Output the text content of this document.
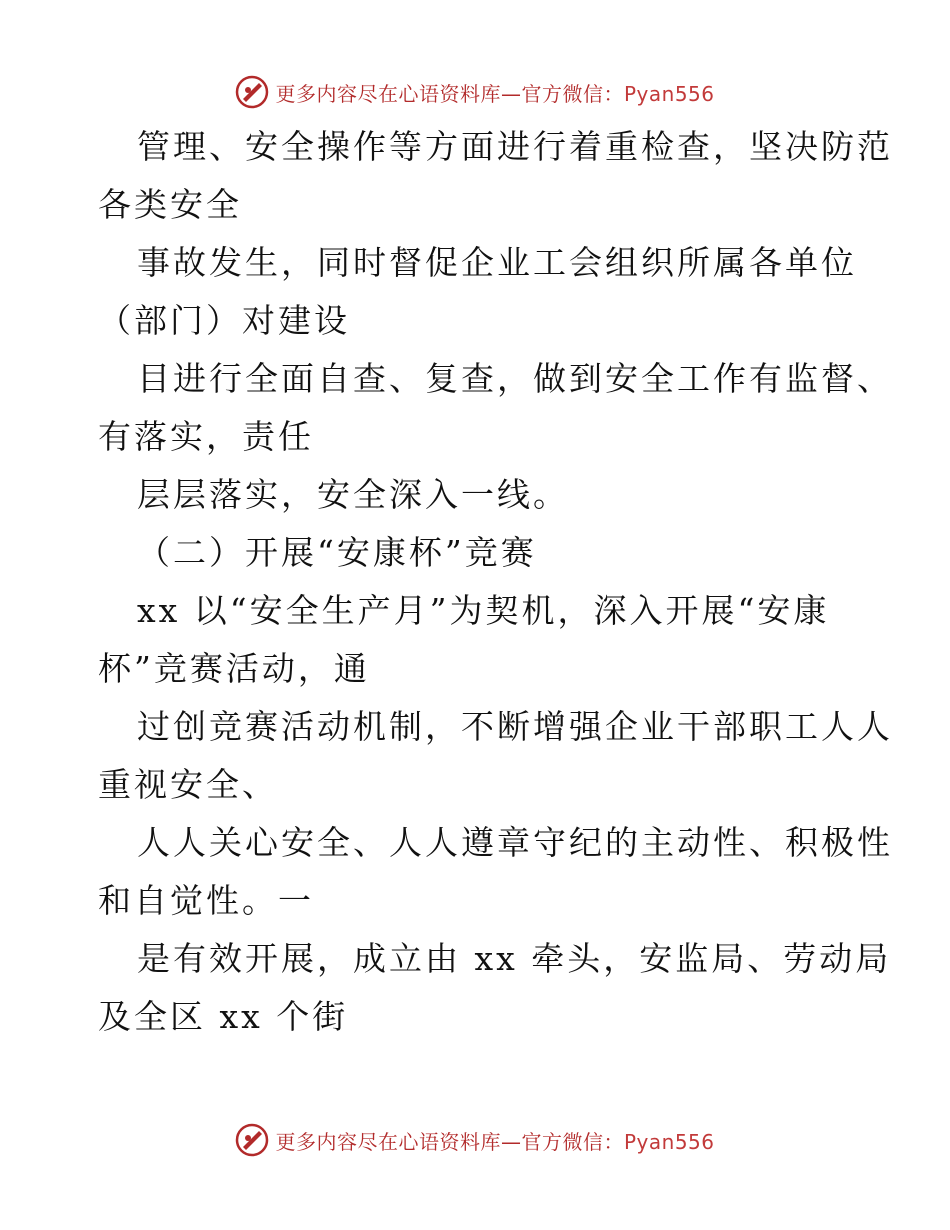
更多内容尽在心语资料库—官方微信：Pyan556
管理、安全操作等方面进行着重检查，坚决防范
各类安全
事故发生，同时督促企业工会组织所属各单位
（部门）对建设
目进行全面自查、复查，做到安全工作有监督、
有落实，责任
层层落实，安全深入一线。
（二）开展“安康杯”竞赛
xx 以“安全生产月”为契机，深入开展“安康
杯”竞赛活动，通
过创竞赛活动机制，不断增强企业干部职工人人
重视安全、
人人关心安全、人人遵章守纪的主动性、积极性
和自觉性。一
是有效开展，成立由 xx 牵头，安监局、劳动局
及全区 xx 个街
更多内容尽在心语资料库—官方微信：Pyan556
